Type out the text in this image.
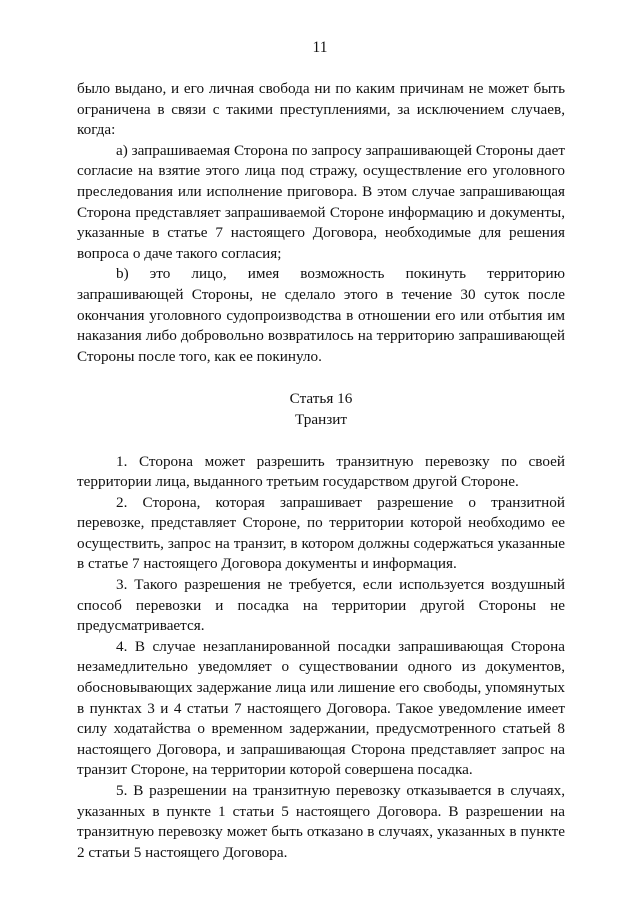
11

было выдано, и его личная свобода ни по каким причинам не может быть ограничена в связи с такими преступлениями, за исключением случаев, когда:

а) запрашиваемая Сторона по запросу запрашивающей Стороны дает согласие на взятие этого лица под стражу, осуществление его уголовного преследования или исполнение приговора. В этом случае запрашивающая Сторона представляет запрашиваемой Стороне информацию и документы, указанные в статье 7 настоящего Договора, необходимые для решения вопроса о даче такого согласия;

b) это лицо, имея возможность покинуть территорию запрашивающей Стороны, не сделало этого в течение 30 суток после окончания уголовного судопроизводства в отношении его или отбытия им наказания либо добровольно возвратилось на территорию запрашивающей Стороны после того, как ее покинуло.

Статья 16
Транзит

1. Сторона может разрешить транзитную перевозку по своей территории лица, выданного третьим государством другой Стороне.

2. Сторона, которая запрашивает разрешение о транзитной перевозке, представляет Стороне, по территории которой необходимо ее осуществить, запрос на транзит, в котором должны содержаться указанные в статье 7 настоящего Договора документы и информация.

3. Такого разрешения не требуется, если используется воздушный способ перевозки и посадка на территории другой Стороны не предусматривается.

4. В случае незапланированной посадки запрашивающая Сторона незамедлительно уведомляет о существовании одного из документов, обосновывающих задержание лица или лишение его свободы, упомянутых в пунктах 3 и 4 статьи 7 настоящего Договора. Такое уведомление имеет силу ходатайства о временном задержании, предусмотренного статьей 8 настоящего Договора, и запрашивающая Сторона представляет запрос на транзит Стороне, на территории которой совершена посадка.

5. В разрешении на транзитную перевозку отказывается в случаях, указанных в пункте 1 статьи 5 настоящего Договора. В разрешении на транзитную перевозку может быть отказано в случаях, указанных в пункте 2 статьи 5 настоящего Договора.
